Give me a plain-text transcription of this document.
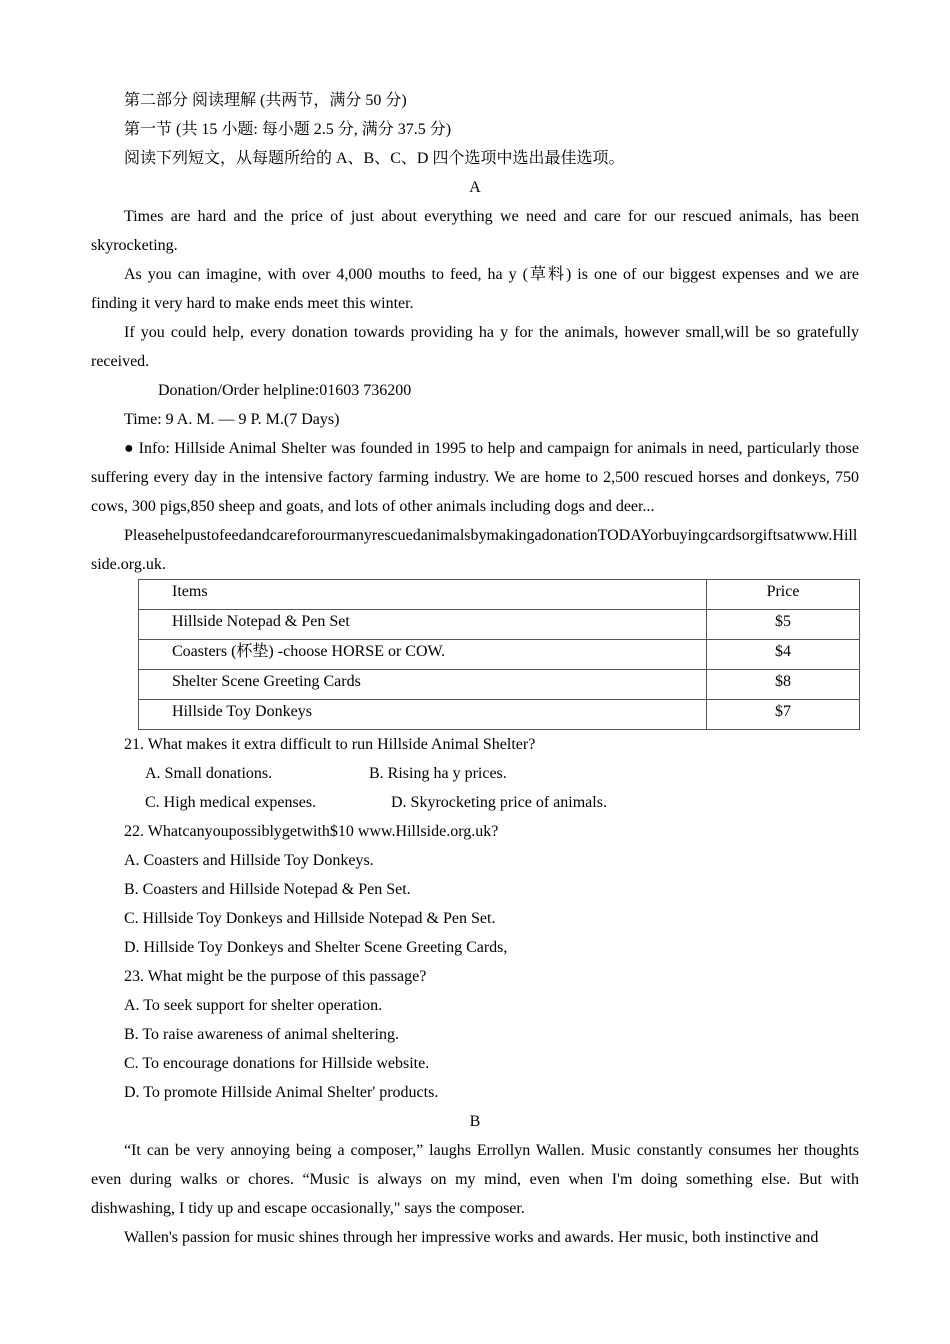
第二部分 阅读理解 (共两节，满分 50 分)
第一节 (共 15 小题: 每小题 2.5 分, 满分 37.5 分)
阅读下列短文，从每题所给的 A、B、C、D 四个选项中选出最佳选项。
A
Times are hard and the price of just about everything we need and care for our rescued animals, has been skyrocketing.
As you can imagine, with over 4,000 mouths to feed, ha y (草料) is one of our biggest expenses and we are finding it very hard to make ends meet this winter.
If you could help, every donation towards providing ha y for the animals, however small,will be so gratefully received.
Donation/Order helpline:01603 736200
Time: 9 A. M. — 9 P. M.(7 Days)
● Info: Hillside Animal Shelter was founded in 1995 to help and campaign for animals in need, particularly those suffering every day in the intensive factory farming industry. We are home to 2,500 rescued horses and donkeys, 750 cows, 300 pigs,850 sheep and goats, and lots of other animals including dogs and deer...
PleasehelpustofeedandcareforourmanyrescuedanimalsbymakingadonationTODAYorbuyingcardsorgiftsatwww.Hillside.org.uk.
Items	Price
Hillside Notepad & Pen Set	$5
Coasters (杯垫) -choose HORSE or COW.	$4
Shelter Scene Greeting Cards	$8
Hillside Toy Donkeys	$7
21. What makes it extra difficult to run Hillside Animal Shelter?
A. Small donations.	B. Rising ha y prices.
C. High medical expenses.	D. Skyrocketing price of animals.
22. Whatcanyoupossiblygetwith$10 www.Hillside.org.uk?
A. Coasters and Hillside Toy Donkeys.
B. Coasters and Hillside Notepad & Pen Set.
C. Hillside Toy Donkeys and Hillside Notepad & Pen Set.
D. Hillside Toy Donkeys and Shelter Scene Greeting Cards,
23. What might be the purpose of this passage?
A. To seek support for shelter operation.
B. To raise awareness of animal sheltering.
C. To encourage donations for Hillside website.
D. To promote Hillside Animal Shelter' products.
B
“It can be very annoying being a composer,” laughs Errollyn Wallen. Music constantly consumes her thoughts even during walks or chores. “Music is always on my mind, even when I'm doing something else. But with dishwashing, I tidy up and escape occasionally," says the composer.
Wallen's passion for music shines through her impressive works and awards. Her music, both instinctive and
